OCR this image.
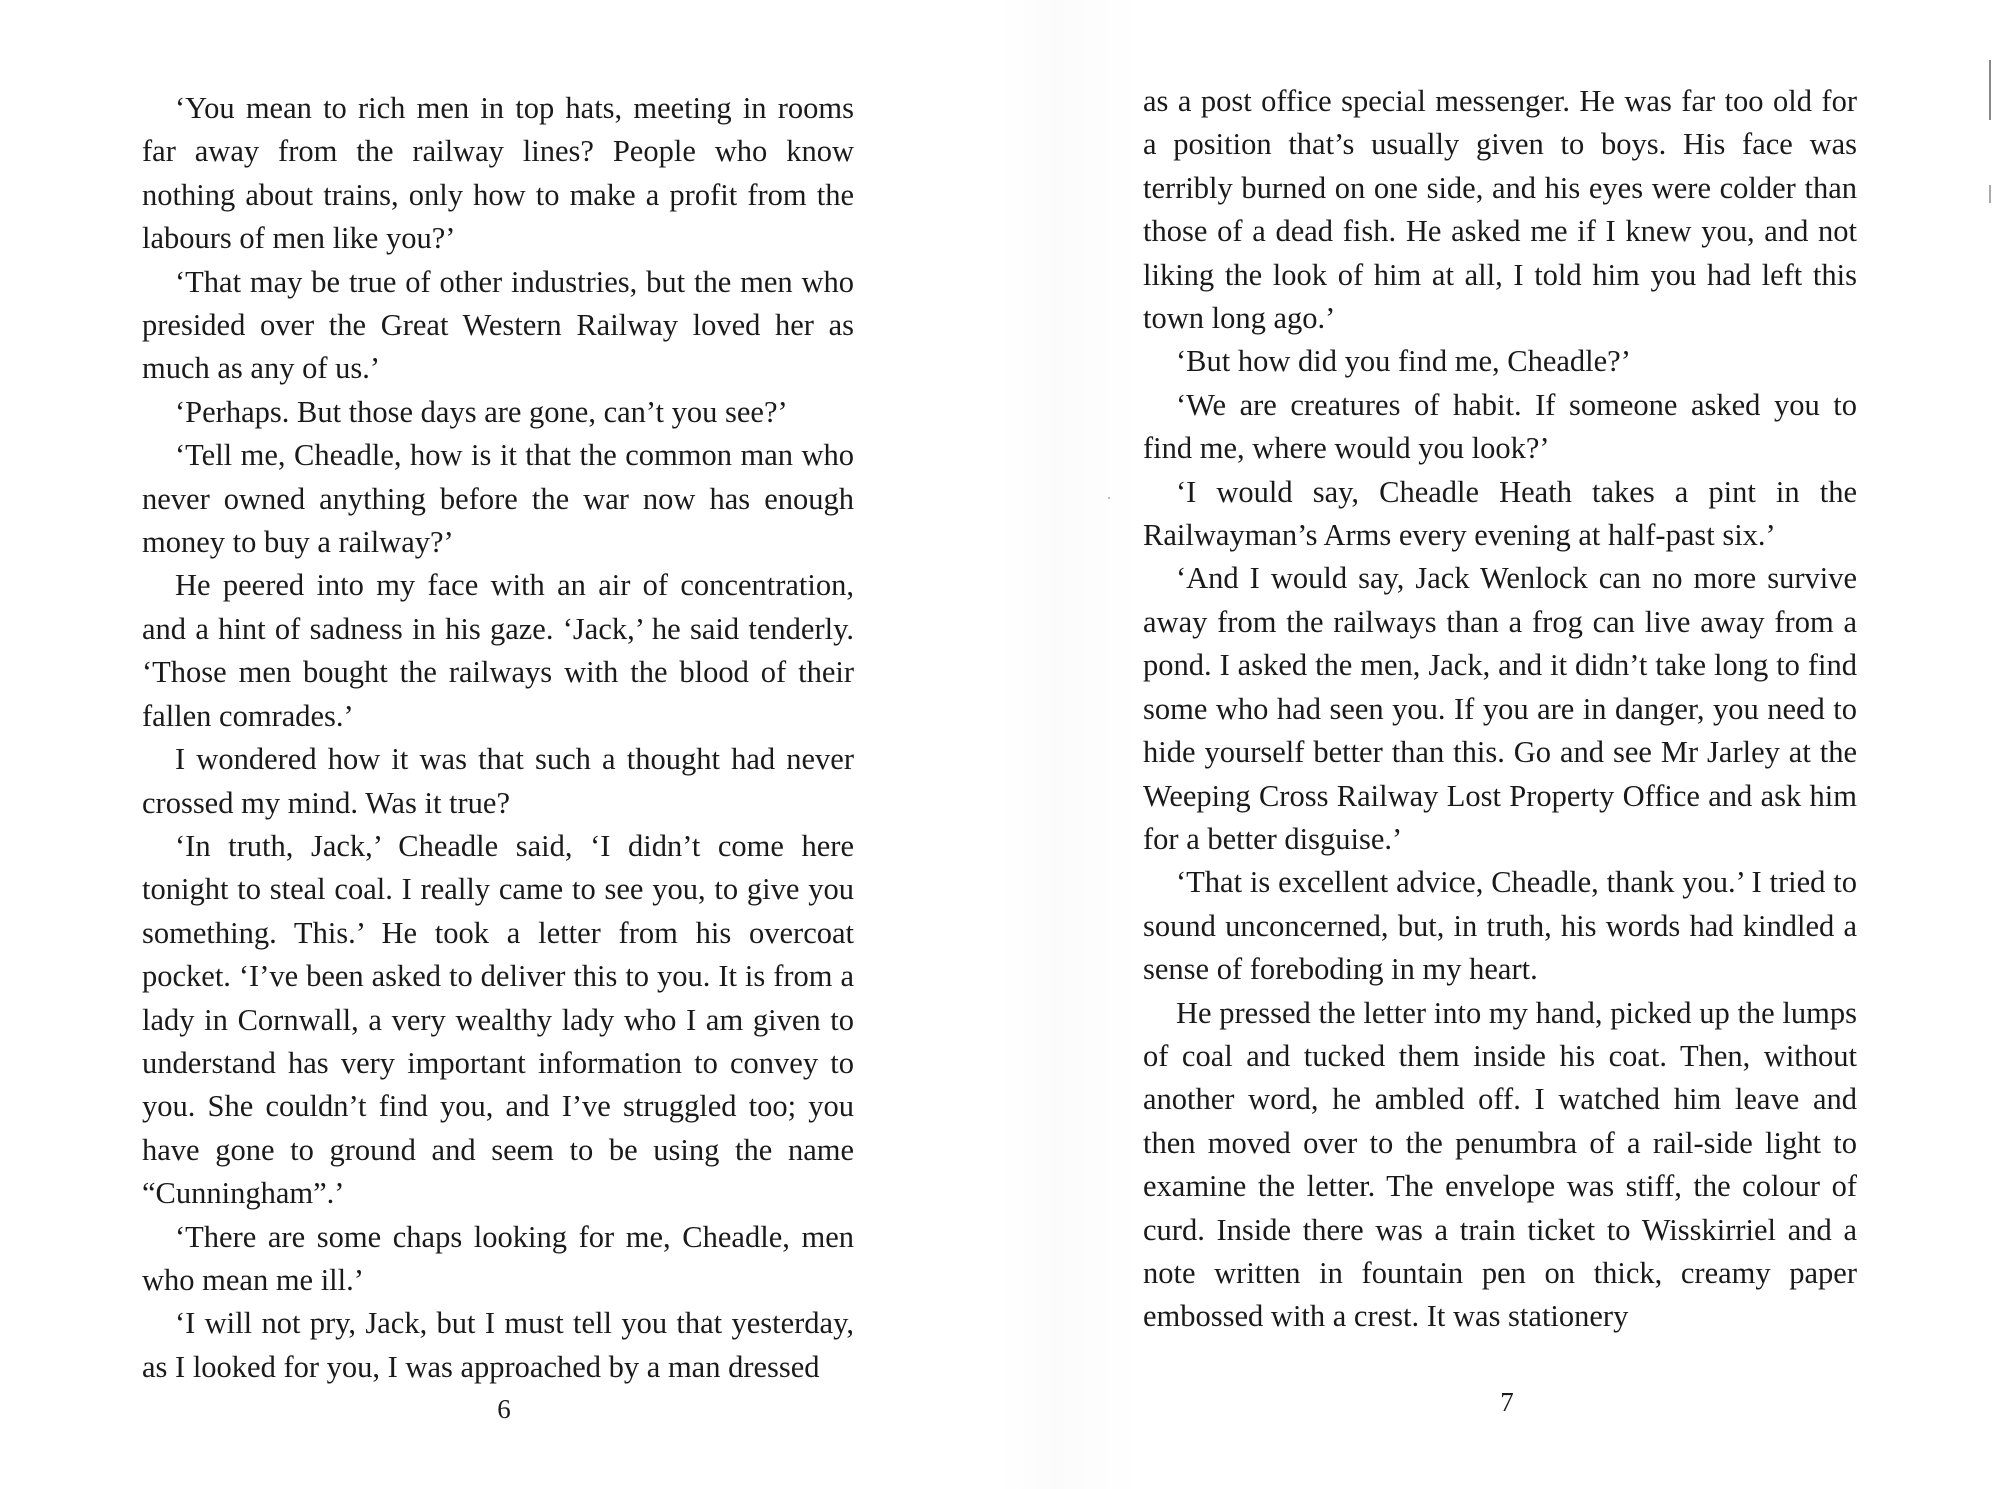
‘You mean to rich men in top hats, meeting in rooms far away from the railway lines? People who know nothing about trains, only how to make a profit from the labours of men like you?’

‘That may be true of other industries, but the men who presided over the Great Western Railway loved her as much as any of us.’

‘Perhaps. But those days are gone, can’t you see?’

‘Tell me, Cheadle, how is it that the common man who never owned anything before the war now has enough money to buy a railway?’

He peered into my face with an air of concentration, and a hint of sadness in his gaze. ‘Jack,’ he said tenderly. ‘Those men bought the railways with the blood of their fallen comrades.’

I wondered how it was that such a thought had never crossed my mind. Was it true?

‘In truth, Jack,’ Cheadle said, ‘I didn’t come here tonight to steal coal. I really came to see you, to give you something. This.’ He took a letter from his overcoat pocket. ‘I’ve been asked to deliver this to you. It is from a lady in Cornwall, a very wealthy lady who I am given to understand has very important information to convey to you. She couldn’t find you, and I’ve struggled too; you have gone to ground and seem to be using the name “Cunningham”.’

‘There are some chaps looking for me, Cheadle, men who mean me ill.’

‘I will not pry, Jack, but I must tell you that yesterday, as I looked for you, I was approached by a man dressed

6

as a post office special messenger. He was far too old for a position that’s usually given to boys. His face was terribly burned on one side, and his eyes were colder than those of a dead fish. He asked me if I knew you, and not liking the look of him at all, I told him you had left this town long ago.’

‘But how did you find me, Cheadle?’

‘We are creatures of habit. If someone asked you to find me, where would you look?’

‘I would say, Cheadle Heath takes a pint in the Railwayman’s Arms every evening at half-past six.’

‘And I would say, Jack Wenlock can no more survive away from the railways than a frog can live away from a pond. I asked the men, Jack, and it didn’t take long to find some who had seen you. If you are in danger, you need to hide yourself better than this. Go and see Mr Jarley at the Weeping Cross Railway Lost Property Office and ask him for a better disguise.’

‘That is excellent advice, Cheadle, thank you.’ I tried to sound unconcerned, but, in truth, his words had kindled a sense of foreboding in my heart.

He pressed the letter into my hand, picked up the lumps of coal and tucked them inside his coat. Then, without another word, he ambled off. I watched him leave and then moved over to the penumbra of a rail-side light to examine the letter. The envelope was stiff, the colour of curd. Inside there was a train ticket to Wisskirriel and a note written in fountain pen on thick, creamy paper embossed with a crest. It was stationery

7
